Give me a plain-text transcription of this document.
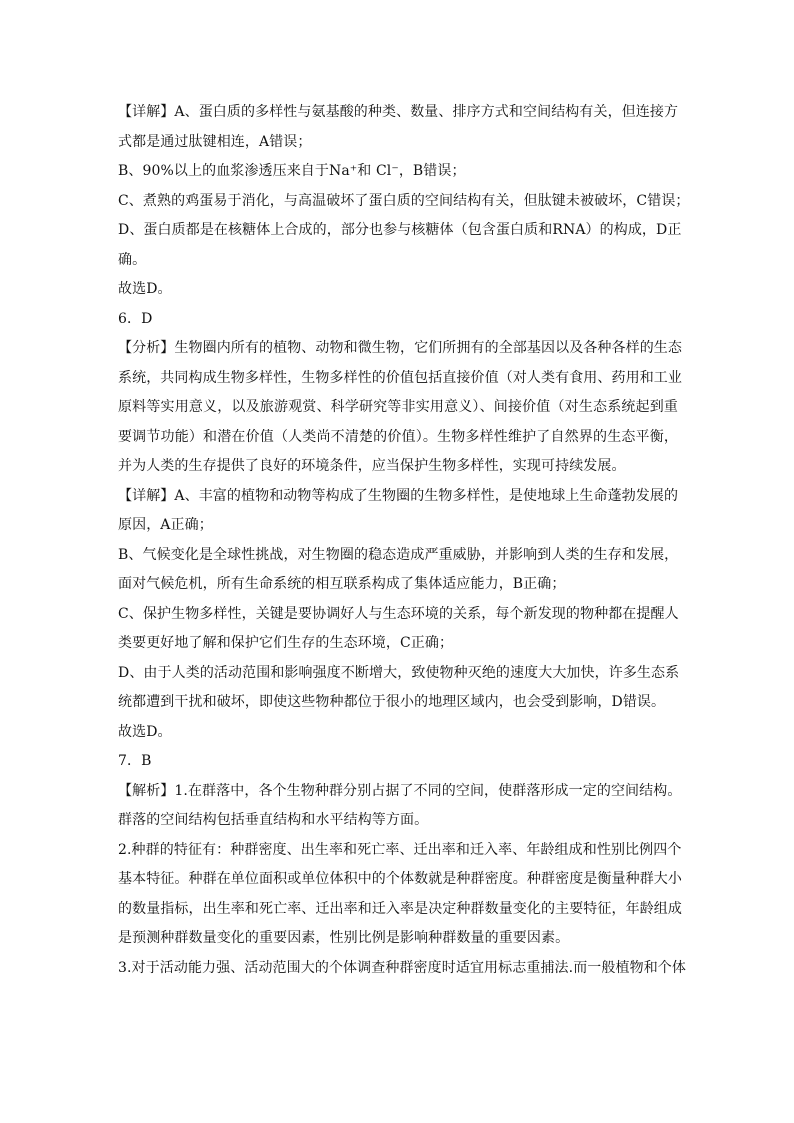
【详解】A、蛋白质的多样性与氨基酸的种类、数量、排序方式和空间结构有关，但连接方
式都是通过肽键相连，A错误；
B、90%以上的血浆渗透压来自于Na⁺和 Cl⁻，B错误；
C、煮熟的鸡蛋易于消化，与高温破坏了蛋白质的空间结构有关，但肽键未被破坏，C错误；
D、蛋白质都是在核糖体上合成的，部分也参与核糖体（包含蛋白质和RNA）的构成，D正
确。
故选D。
6．D
【分析】生物圈内所有的植物、动物和微生物，它们所拥有的全部基因以及各种各样的生态
系统，共同构成生物多样性，生物多样性的价值包括直接价值（对人类有食用、药用和工业
原料等实用意义，以及旅游观赏、科学研究等非实用意义）、间接价值（对生态系统起到重
要调节功能）和潜在价值（人类尚不清楚的价值）。生物多样性维护了自然界的生态平衡，
并为人类的生存提供了良好的环境条件，应当保护生物多样性，实现可持续发展。
【详解】A、丰富的植物和动物等构成了生物圈的生物多样性，是使地球上生命蓬勃发展的
原因，A正确；
B、气候变化是全球性挑战，对生物圈的稳态造成严重威胁，并影响到人类的生存和发展，
面对气候危机，所有生命系统的相互联系构成了集体适应能力，B正确；
C、保护生物多样性，关键是要协调好人与生态环境的关系，每个新发现的物种都在提醒人
类要更好地了解和保护它们生存的生态环境，C正确；
D、由于人类的活动范围和影响强度不断增大，致使物种灭绝的速度大大加快，许多生态系
统都遭到干扰和破坏，即使这些物种都位于很小的地理区域内，也会受到影响，D错误。
故选D。
7．B
【解析】1.在群落中，各个生物种群分别占据了不同的空间，使群落形成一定的空间结构。
群落的空间结构包括垂直结构和水平结构等方面。
2.种群的特征有：种群密度、出生率和死亡率、迁出率和迁入率、年龄组成和性别比例四个
基本特征。种群在单位面积或单位体积中的个体数就是种群密度。种群密度是衡量种群大小
的数量指标，出生率和死亡率、迁出率和迁入率是决定种群数量变化的主要特征，年龄组成
是预测种群数量变化的重要因素，性别比例是影响种群数量的重要因素。
3.对于活动能力强、活动范围大的个体调查种群密度时适宜用标志重捕法.而一般植物和个体
